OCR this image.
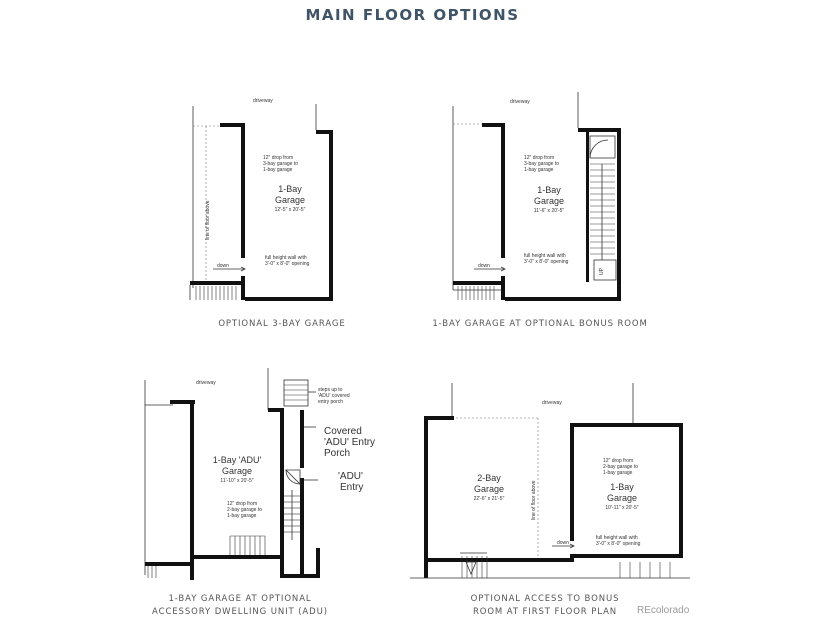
MAIN FLOOR OPTIONS
driveway
line of floor above
12" drop from
3-bay garage to
1-bay garage
1-Bay
Garage
12'-5" x 20'-5"
full height wall with
3'-0" x 8'-0" opening
down
driveway
UP
12" drop from
3-bay garage to
1-bay garage
1-Bay
Garage
11'-6" x 20'-5"
full height wall with
3'-0" x 8'-0" opening
down
driveway
steps up to
'ADU' covered
entry porch
Covered
'ADU' Entry
Porch
'ADU'
Entry
1-Bay 'ADU'
Garage
11'-10" x 20'-5"
12" drop from
2-bay garage to
1-bay garage
driveway
line of floor above
2-Bay
Garage
22'-6" x 21'-5"
12" drop from
2-bay garage to
1-bay garage
1-Bay
Garage
10'-11" x 20'-5"
full height wall with
3'-0" x 8'-0" opening
down
OPTIONAL 3-BAY GARAGE	1-BAY GARAGE AT OPTIONAL BONUS ROOM
1-BAY GARAGE AT OPTIONAL
ACCESSORY DWELLING UNIT (ADU)
OPTIONAL ACCESS TO BONUS
ROOM AT FIRST FLOOR PLAN	REcolorado
